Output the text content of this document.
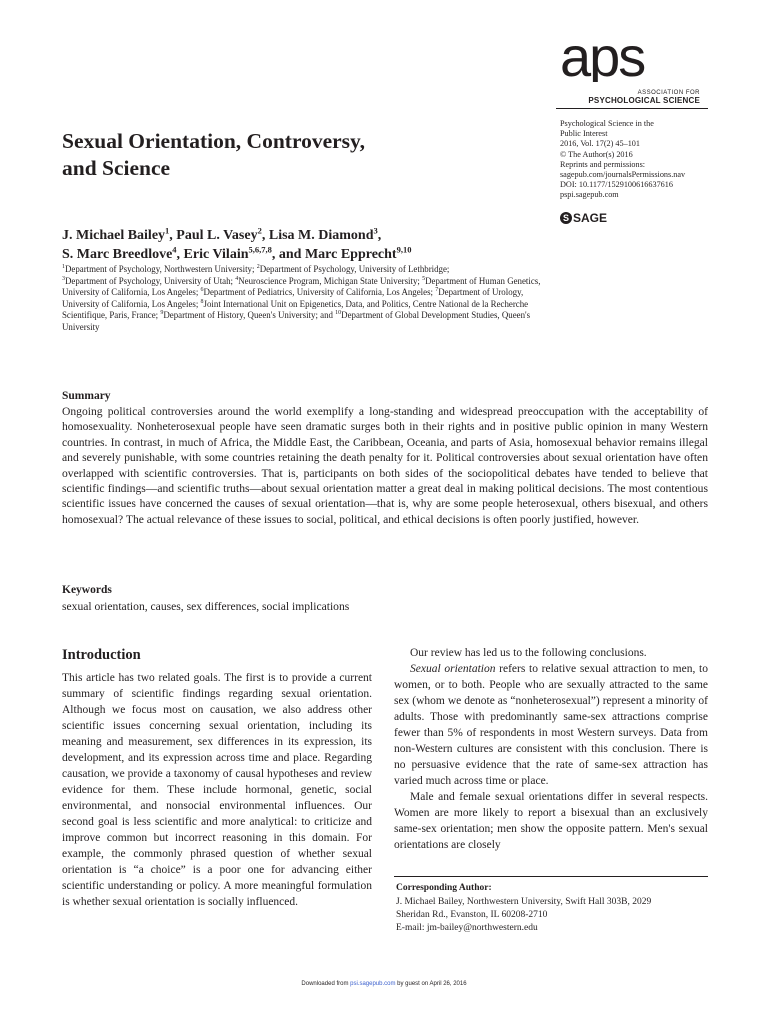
aps
ASSOCIATION FOR
PSYCHOLOGICAL SCIENCE
Psychological Science in the
Public Interest
2016, Vol. 17(2) 45–101
© The Author(s) 2016
Reprints and permissions:
sagepub.com/journalsPermissions.nav
DOI: 10.1177/1529100616637616
pspi.sagepub.com
S SAGE
Sexual Orientation, Controversy,
and Science
J. Michael Bailey$^1$, Paul L. Vasey$^2$, Lisa M. Diamond$^3$,
S. Marc Breedlove$^4$, Eric Vilain$^{5,6,7,8}$, and Marc Epprecht$^{9,10}$
$^1$Department of Psychology, Northwestern University; $^2$Department of Psychology, University of Lethbridge;
$^3$Department of Psychology, University of Utah; $^4$Neuroscience Program, Michigan State University; $^5$Department of Human Genetics, University of California, Los Angeles; $^6$Department of Pediatrics, University of California, Los Angeles; $^7$Department of Urology, University of California, Los Angeles; $^8$Joint International Unit on Epigenetics, Data, and Politics, Centre National de la Recherche Scientifique, Paris, France; $^9$Department of History, Queen's University; and $^{10}$Department of Global Development Studies, Queen's University
Summary
Ongoing political controversies around the world exemplify a long-standing and widespread preoccupation with the acceptability of homosexuality. Nonheterosexual people have seen dramatic surges both in their rights and in positive public opinion in many Western countries. In contrast, in much of Africa, the Middle East, the Caribbean, Oceania, and parts of Asia, homosexual behavior remains illegal and severely punishable, with some countries retaining the death penalty for it. Political controversies about sexual orientation have often overlapped with scientific controversies. That is, participants on both sides of the sociopolitical debates have tended to believe that scientific findings—and scientific truths—about sexual orientation matter a great deal in making political decisions. The most contentious scientific issues have concerned the causes of sexual orientation—that is, why are some people heterosexual, others bisexual, and others homosexual? The actual relevance of these issues to social, political, and ethical decisions is often poorly justified, however.
Keywords
sexual orientation, causes, sex differences, social implications
Introduction
This article has two related goals. The first is to provide a current summary of scientific findings regarding sexual orientation. Although we focus most on causation, we also address other scientific issues concerning sexual orientation, including its meaning and measurement, sex differences in its expression, its development, and its expression across time and place. Regarding causation, we provide a taxonomy of causal hypotheses and review evidence for them. These include hormonal, genetic, social environmental, and nonsocial environmental influences. Our second goal is less scientific and more analytical: to criticize and improve common but incorrect reasoning in this domain. For example, the commonly phrased question of whether sexual orientation is “a choice” is a poor one for advancing either scientific understanding or policy. A more meaningful formulation is whether sexual orientation is socially influenced.

Our review has led us to the following conclusions.

Sexual orientation refers to relative sexual attraction to men, to women, or to both. People who are sexually attracted to the same sex (whom we denote as “nonheterosexual”) represent a minority of adults. Those with predominantly same-sex attractions comprise fewer than 5% of respondents in most Western surveys. Data from non-Western cultures are consistent with this conclusion. There is no persuasive evidence that the rate of same-sex attraction has varied much across time or place.

Male and female sexual orientations differ in several respects. Women are more likely to report a bisexual than an exclusively same-sex orientation; men show the opposite pattern. Men's sexual orientations are closely

Corresponding Author:
J. Michael Bailey, Northwestern University, Swift Hall 303B, 2029
Sheridan Rd., Evanston, IL 60208-2710
E-mail: jm-bailey@northwestern.edu
Downloaded from psi.sagepub.com by guest on April 26, 2016
